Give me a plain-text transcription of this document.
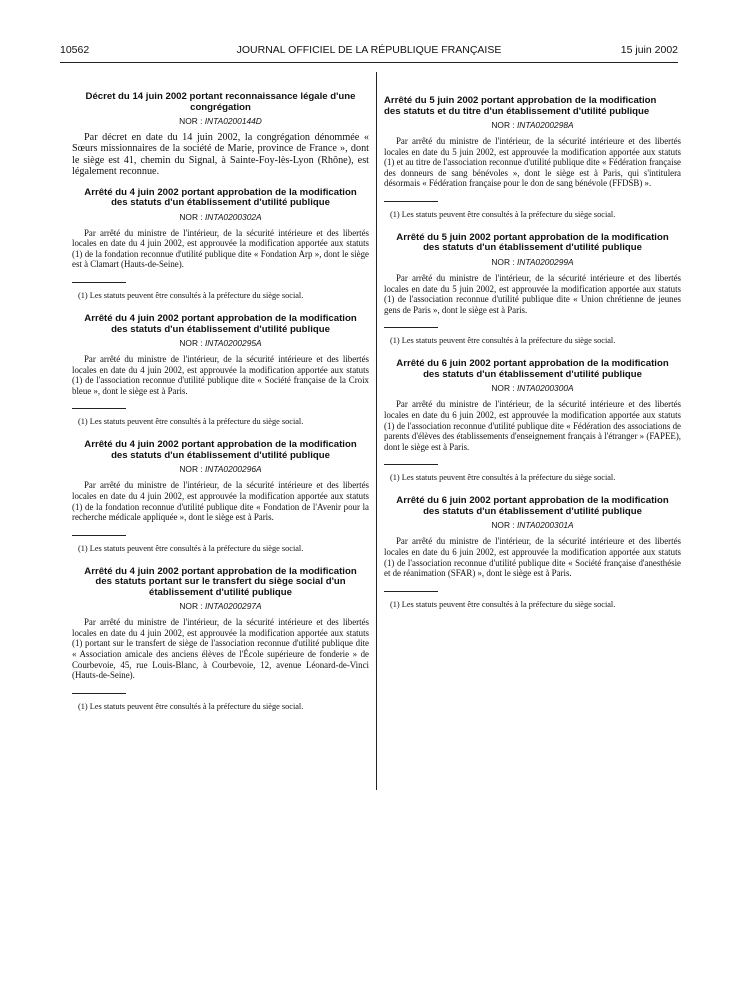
10562	JOURNAL OFFICIEL DE LA RÉPUBLIQUE FRANÇAISE	15 juin 2002
Décret du 14 juin 2002 portant reconnaissance légale d'une congrégation
NOR : INTA0200144D

Par décret en date du 14 juin 2002, la congrégation dénommée « Sœurs missionnaires de la société de Marie, province de France », dont le siège est 41, chemin du Signal, à Sainte-Foy-lès-Lyon (Rhône), est légalement reconnue.

Arrêté du 4 juin 2002 portant approbation de la modification des statuts d'un établissement d'utilité publique
NOR : INTA0200302A

Par arrêté du ministre de l'intérieur, de la sécurité intérieure et des libertés locales en date du 4 juin 2002, est approuvée la modification apportée aux statuts (1) de la fondation reconnue d'utilité publique dite « Fondation Arp », dont le siège est à Clamart (Hauts-de-Seine).

(1) Les statuts peuvent être consultés à la préfecture du siège social.

Arrêté du 4 juin 2002 portant approbation de la modification des statuts d'un établissement d'utilité publique
NOR : INTA0200295A

Par arrêté du ministre de l'intérieur, de la sécurité intérieure et des libertés locales en date du 4 juin 2002, est approuvée la modification apportée aux statuts (1) de l'association reconnue d'utilité publique dite « Société française de la Croix bleue », dont le siège est à Paris.

(1) Les statuts peuvent être consultés à la préfecture du siège social.

Arrêté du 4 juin 2002 portant approbation de la modification des statuts d'un établissement d'utilité publique
NOR : INTA0200296A

Par arrêté du ministre de l'intérieur, de la sécurité intérieure et des libertés locales en date du 4 juin 2002, est approuvée la modification apportée aux statuts (1) de la fondation reconnue d'utilité publique dite « Fondation de l'Avenir pour la recherche médicale appliquée », dont le siège est à Paris.

(1) Les statuts peuvent être consultés à la préfecture du siège social.

Arrêté du 4 juin 2002 portant approbation de la modification des statuts portant sur le transfert du siège social d'un établissement d'utilité publique
NOR : INTA0200297A

Par arrêté du ministre de l'intérieur, de la sécurité intérieure et des libertés locales en date du 4 juin 2002, est approuvée la modification apportée aux statuts (1) portant sur le transfert de siège de l'association reconnue d'utilité publique dite « Association amicale des anciens élèves de l'École supérieure de fonderie » de Courbevoie, 45, rue Louis-Blanc, à Courbevoie, 12, avenue Léonard-de-Vinci (Hauts-de-Seine).

(1) Les statuts peuvent être consultés à la préfecture du siège social.

Arrêté du 5 juin 2002 portant approbation de la modification des statuts et du titre d'un établissement d'utilité publique
NOR : INTA0200298A

Par arrêté du ministre de l'intérieur, de la sécurité intérieure et des libertés locales en date du 5 juin 2002, est approuvée la modification apportée aux statuts (1) et au titre de l'association reconnue d'utilité publique dite « Fédération française des donneurs de sang bénévoles », dont le siège est à Paris, qui s'intitulera désormais « Fédération française pour le don de sang bénévole (FFDSB) ».

(1) Les statuts peuvent être consultés à la préfecture du siège social.

Arrêté du 5 juin 2002 portant approbation de la modification des statuts d'un établissement d'utilité publique
NOR : INTA0200299A

Par arrêté du ministre de l'intérieur, de la sécurité intérieure et des libertés locales en date du 5 juin 2002, est approuvée la modification apportée aux statuts (1) de l'association reconnue d'utilité publique dite « Union chrétienne de jeunes gens de Paris », dont le siège est à Paris.

(1) Les statuts peuvent être consultés à la préfecture du siège social.

Arrêté du 6 juin 2002 portant approbation de la modification des statuts d'un établissement d'utilité publique
NOR : INTA0200300A

Par arrêté du ministre de l'intérieur, de la sécurité intérieure et des libertés locales en date du 6 juin 2002, est approuvée la modification apportée aux statuts (1) de l'association reconnue d'utilité publique dite « Fédération des associations de parents d'élèves des établissements d'enseignement français à l'étranger » (FAPEE), dont le siège est à Paris.

(1) Les statuts peuvent être consultés à la préfecture du siège social.

Arrêté du 6 juin 2002 portant approbation de la modification des statuts d'un établissement d'utilité publique
NOR : INTA0200301A

Par arrêté du ministre de l'intérieur, de la sécurité intérieure et des libertés locales en date du 6 juin 2002, est approuvée la modification apportée aux statuts (1) de l'association reconnue d'utilité publique dite « Société française d'anesthésie et de réanimation (SFAR) », dont le siège est à Paris.

(1) Les statuts peuvent être consultés à la préfecture du siège social.
